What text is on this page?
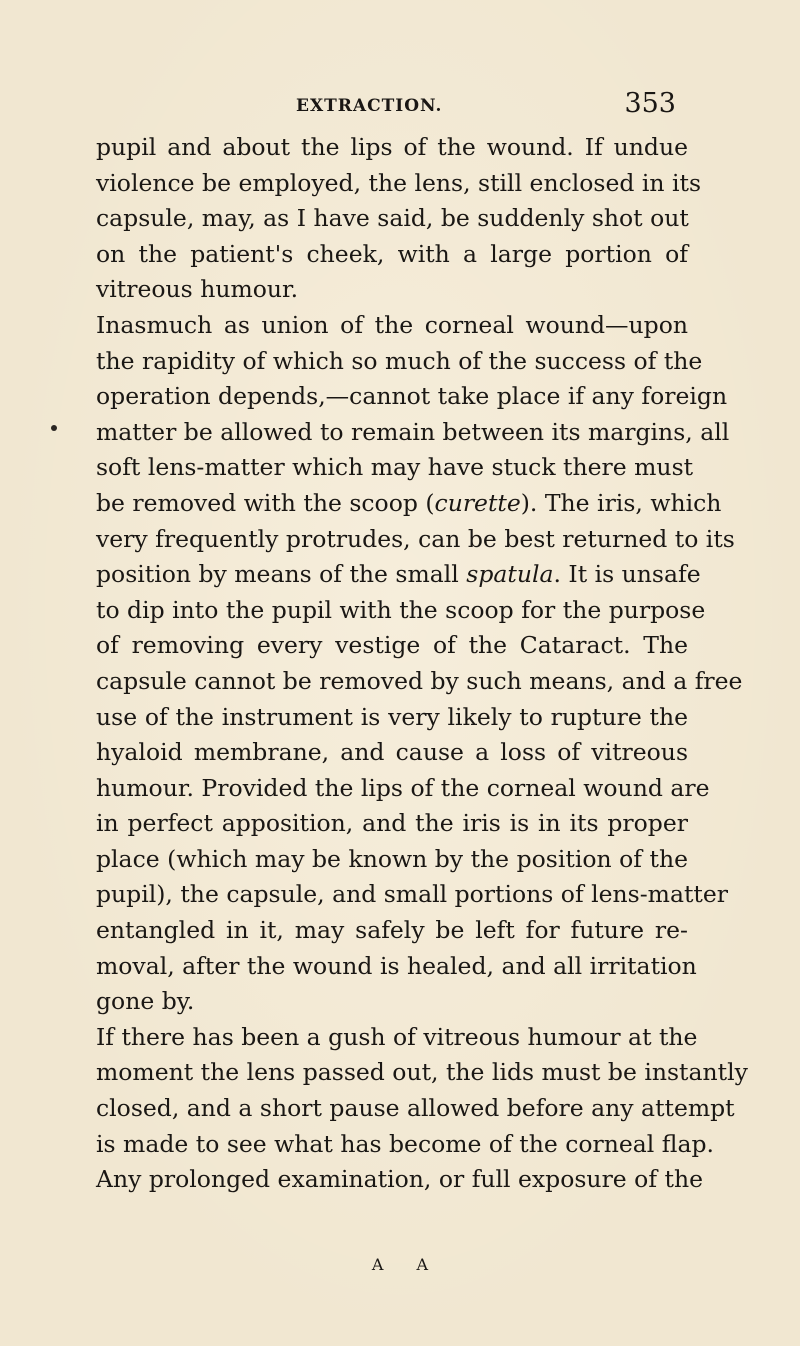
EXTRACTION.	353
pupil and about the lips of the wound. If undue
violence be employed, the lens, still enclosed in its
capsule, may, as I have said, be suddenly shot out
on the patient's cheek, with a large portion of
vitreous humour.
Inasmuch as union of the corneal wound—upon
the rapidity of which so much of the success of the
operation depends,—cannot take place if any foreign
matter be allowed to remain between its margins, all
soft lens-matter which may have stuck there must
be removed with the scoop (curette). The iris, which
very frequently protrudes, can be best returned to its
position by means of the small spatula. It is unsafe
to dip into the pupil with the scoop for the purpose
of removing every vestige of the Cataract. The
capsule cannot be removed by such means, and a free
use of the instrument is very likely to rupture the
hyaloid membrane, and cause a loss of vitreous
humour. Provided the lips of the corneal wound are
in perfect apposition, and the iris is in its proper
place (which may be known by the position of the
pupil), the capsule, and small portions of lens-matter
entangled in it, may safely be left for future re-
moval, after the wound is healed, and all irritation
gone by.
If there has been a gush of vitreous humour at the
moment the lens passed out, the lids must be instantly
closed, and a short pause allowed before any attempt
is made to see what has become of the corneal flap.
Any prolonged examination, or full exposure of the
A A
